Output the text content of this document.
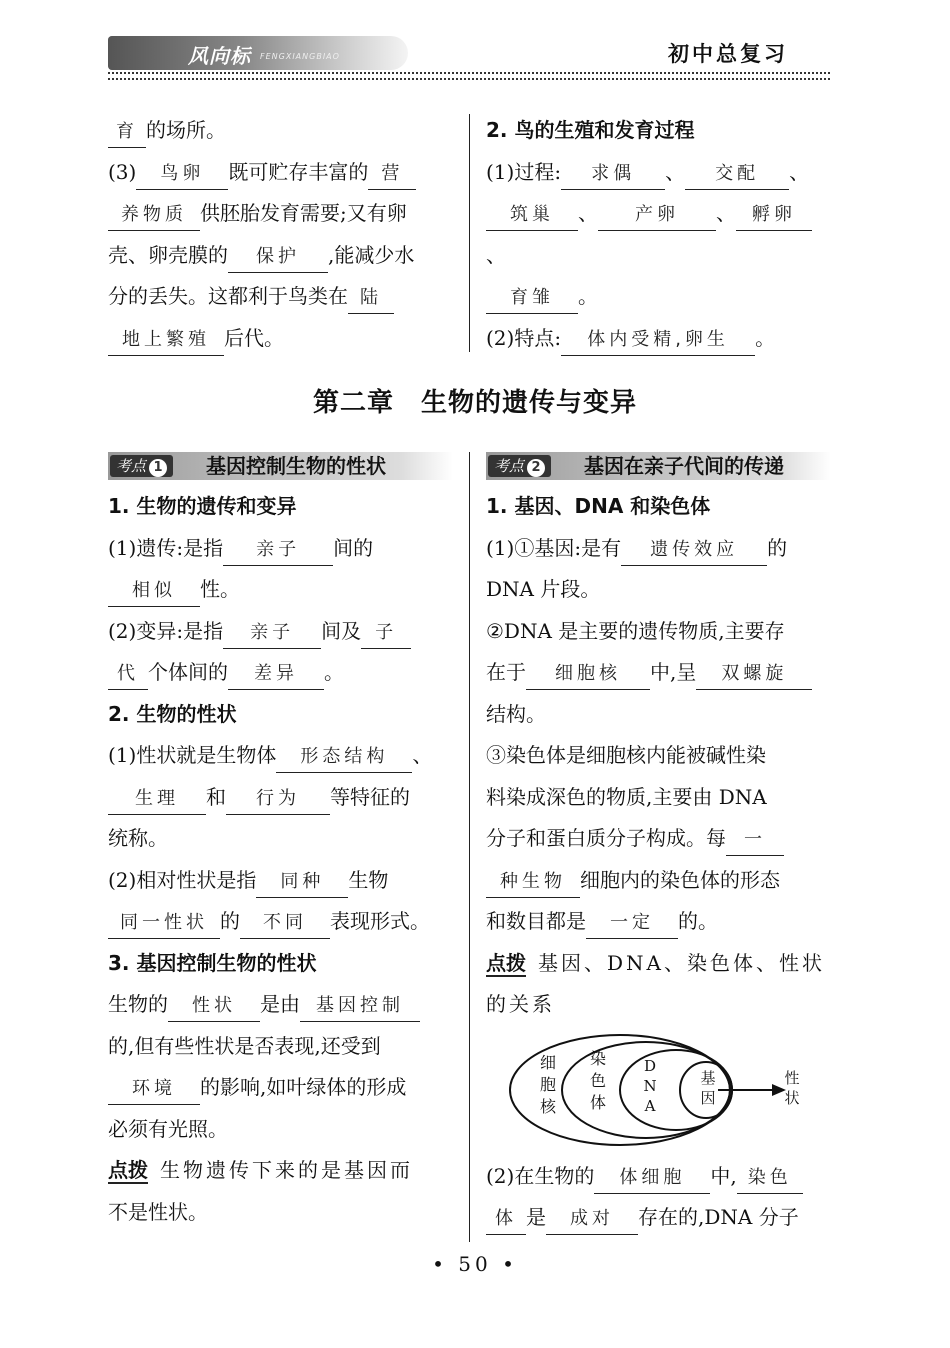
风向标 FENGXIANGBIAO	初中总复习

育 的场所。

(3) 鸟卵 既可贮存丰富的 营

养物质 供胚胎发育需要;又有卵

壳、卵壳膜的 保护 ,能减少水

分的丢失。这都利于鸟类在 陆

地上繁殖 后代。

2. 鸟的生殖和发育过程

(1)过程: 求偶 、 交配 、

筑巢 、 产卵 、 孵卵、

育雏 。

(2)特点: 体内受精,卵生 。

第二章　生物的遗传与变异
考点 1	基因控制生物的性状

1. 生物的遗传和变异

(1)遗传:是指 亲子 间的

相似 性。

(2)变异:是指 亲子 间及 子

代 个体间的 差异 。

2. 生物的性状

(1)性状就是生物体 形态结构 、

生理 和 行为 等特征的

统称。

(2)相对性状是指 同种 生物

同一性状 的 不同 表现形式。

3. 基因控制生物的性状

生物的 性状 是由 基因控制

的,但有些性状是否表现,还受到

环境 的影响,如叶绿体的形成

必须有光照。

点拨 生物遗传下来的是基因而

不是性状。

考点 2	基因在亲子代间的传递

1. 基因、DNA 和染色体

(1)①基因:是有 遗传效应 的

DNA 片段。

②DNA 是主要的遗传物质,主要存

在于 细胞核 中,呈 双螺旋

结构。

③染色体是细胞核内能被碱性染

料染成深色的物质,主要由 DNA

分子和蛋白质分子构成。每 一

种生物 细胞内的染色体的形态

和数目都是 一定 的。

点拨 基因、DNA、染色体、性状

的关系

细
胞
核
染
色
体
D
N
A
基
因
性
状

(2)在生物的 体细胞 中, 染色

体 是 成对 存在的,DNA 分子

• 50 •
